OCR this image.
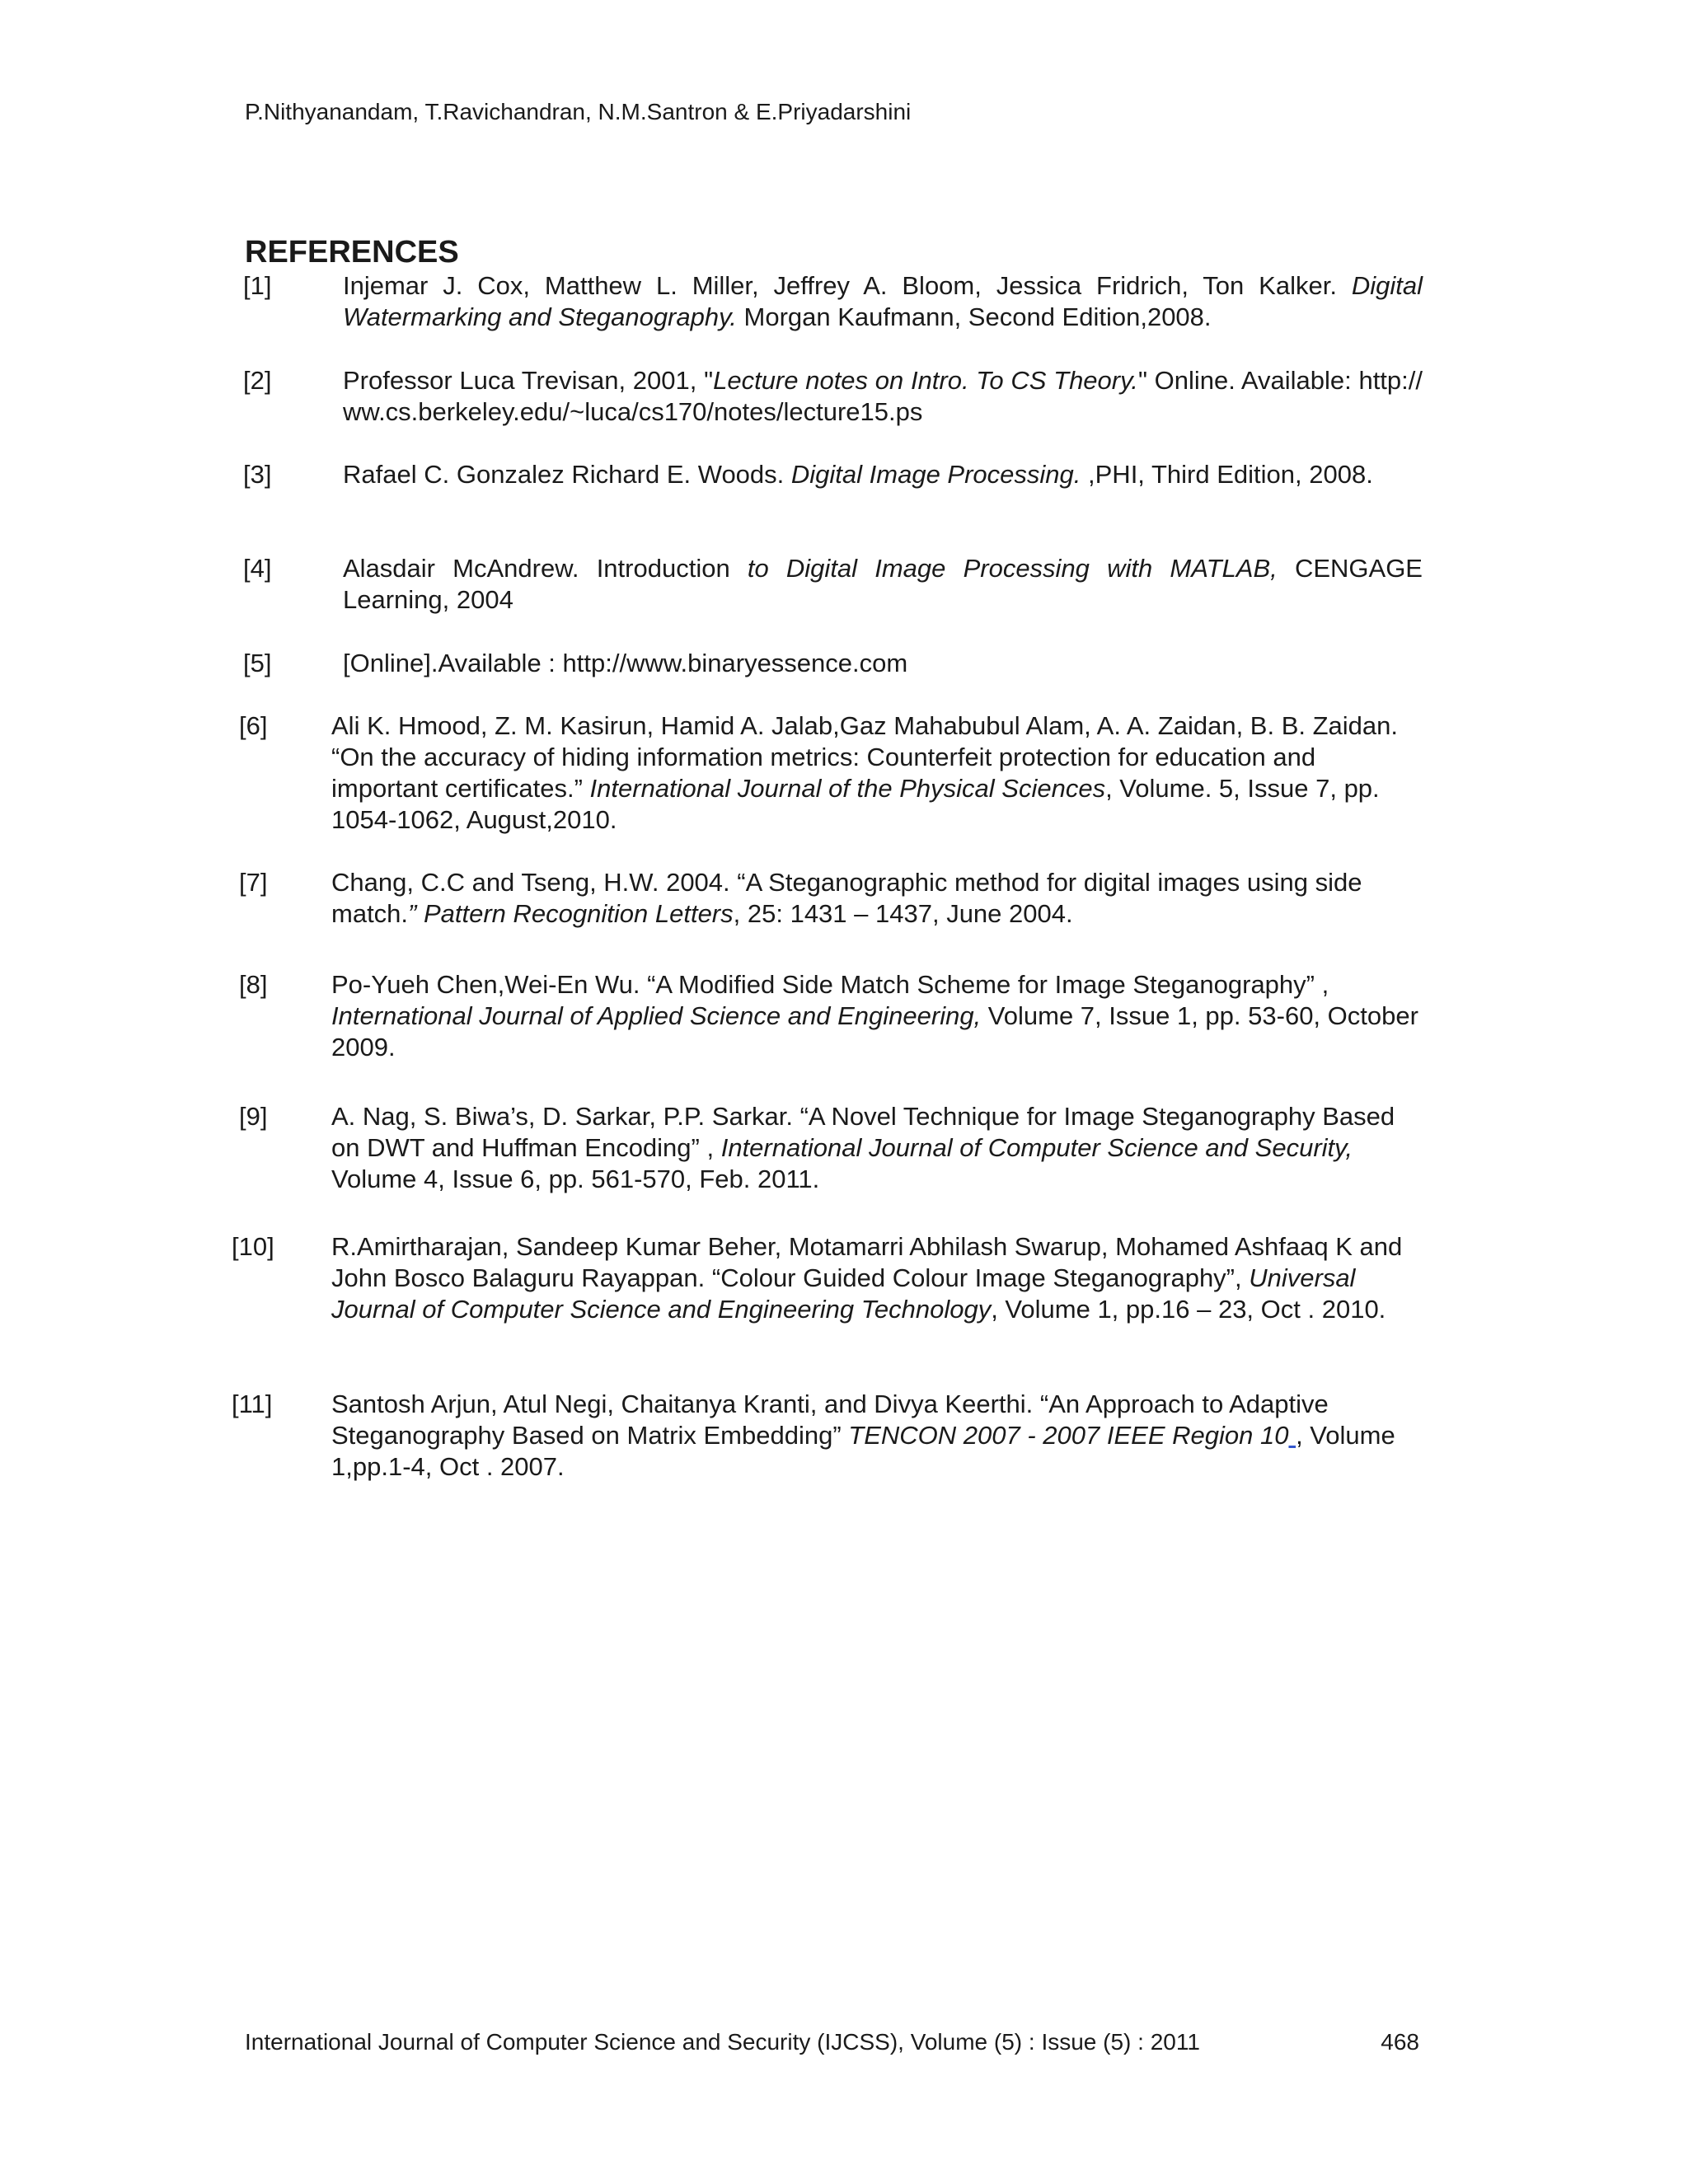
P.Nithyanandam, T.Ravichandran, N.M.Santron & E.Priyadarshini
REFERENCES
[1]	Injemar J. Cox, Matthew L. Miller, Jeffrey A. Bloom, Jessica Fridrich, Ton Kalker. Digital Watermarking and Steganography. Morgan Kaufmann, Second Edition,2008.
[2]	Professor Luca Trevisan, 2001, "Lecture notes on Intro. To CS Theory." Online. Available: http:// ww.cs.berkeley.edu/~luca/cs170/notes/lecture15.ps
[3]	Rafael C. Gonzalez Richard E. Woods. Digital Image Processing. ,PHI, Third Edition, 2008.
[4]	Alasdair McAndrew. Introduction to Digital Image Processing with MATLAB, CENGAGE Learning, 2004
[5]	[Online].Available : http://www.binaryessence.com
[6]	Ali K. Hmood, Z. M. Kasirun, Hamid A. Jalab,Gaz Mahabubul Alam, A. A. Zaidan, B. B. Zaidan. “On the accuracy of hiding information metrics: Counterfeit protection for education and important certificates.” International Journal of the Physical Sciences, Volume. 5, Issue 7, pp. 1054-1062, August,2010.
[7]	Chang, C.C and Tseng, H.W. 2004. “A Steganographic method for digital images using side match.” Pattern Recognition Letters, 25: 1431 – 1437, June 2004.
[8]	Po-Yueh Chen,Wei-En Wu. “A Modified Side Match Scheme for Image Steganography” , International Journal of Applied Science and Engineering, Volume 7, Issue 1, pp. 53-60, October 2009.
[9]	A. Nag, S. Biwa’s, D. Sarkar, P.P. Sarkar. “A Novel Technique for Image Steganography Based on DWT and Huffman Encoding” , International Journal of Computer Science and Security, Volume 4, Issue 6, pp. 561-570, Feb. 2011.
[10] R.Amirtharajan, Sandeep Kumar Beher, Motamarri Abhilash Swarup, Mohamed Ashfaaq K and John Bosco Balaguru Rayappan. “Colour Guided Colour Image Steganography”, Universal Journal of Computer Science and Engineering Technology, Volume 1, pp.16 – 23, Oct . 2010.
[11] Santosh Arjun, Atul Negi, Chaitanya Kranti, and Divya Keerthi. “An Approach to Adaptive Steganography Based on Matrix Embedding” TENCON 2007 - 2007 IEEE Region 10 , Volume 1,pp.1-4, Oct . 2007.
International Journal of Computer Science and Security (IJCSS), Volume (5) : Issue (5) : 2011	468
